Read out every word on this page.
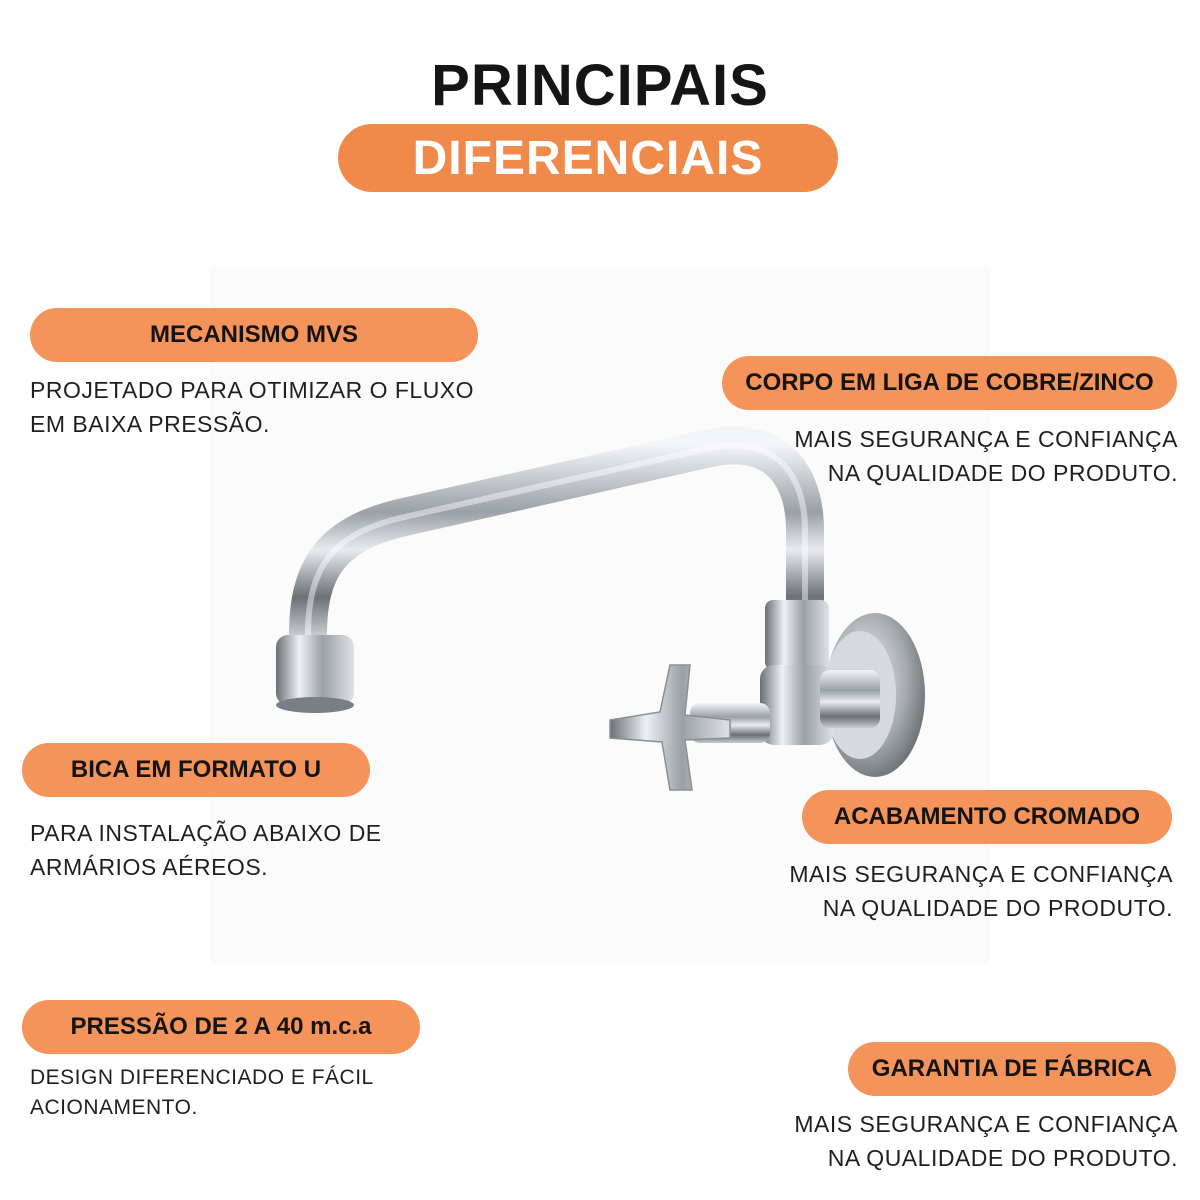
PRINCIPAIS
DIFERENCIAIS
MECANISMO MVS
PROJETADO PARA OTIMIZAR O FLUXO
EM BAIXA PRESSÃO.
CORPO EM LIGA DE COBRE/ZINCO
MAIS SEGURANÇA E CONFIANÇA
NA QUALIDADE DO PRODUTO.
BICA EM FORMATO U
PARA INSTALAÇÃO ABAIXO DE
ARMÁRIOS AÉREOS.
ACABAMENTO CROMADO
MAIS SEGURANÇA E CONFIANÇA
NA QUALIDADE DO PRODUTO.
PRESSÃO DE 2 A 40 m.c.a
DESIGN DIFERENCIADO E FÁCIL
ACIONAMENTO.
GARANTIA DE FÁBRICA
MAIS SEGURANÇA E CONFIANÇA
NA QUALIDADE DO PRODUTO.
